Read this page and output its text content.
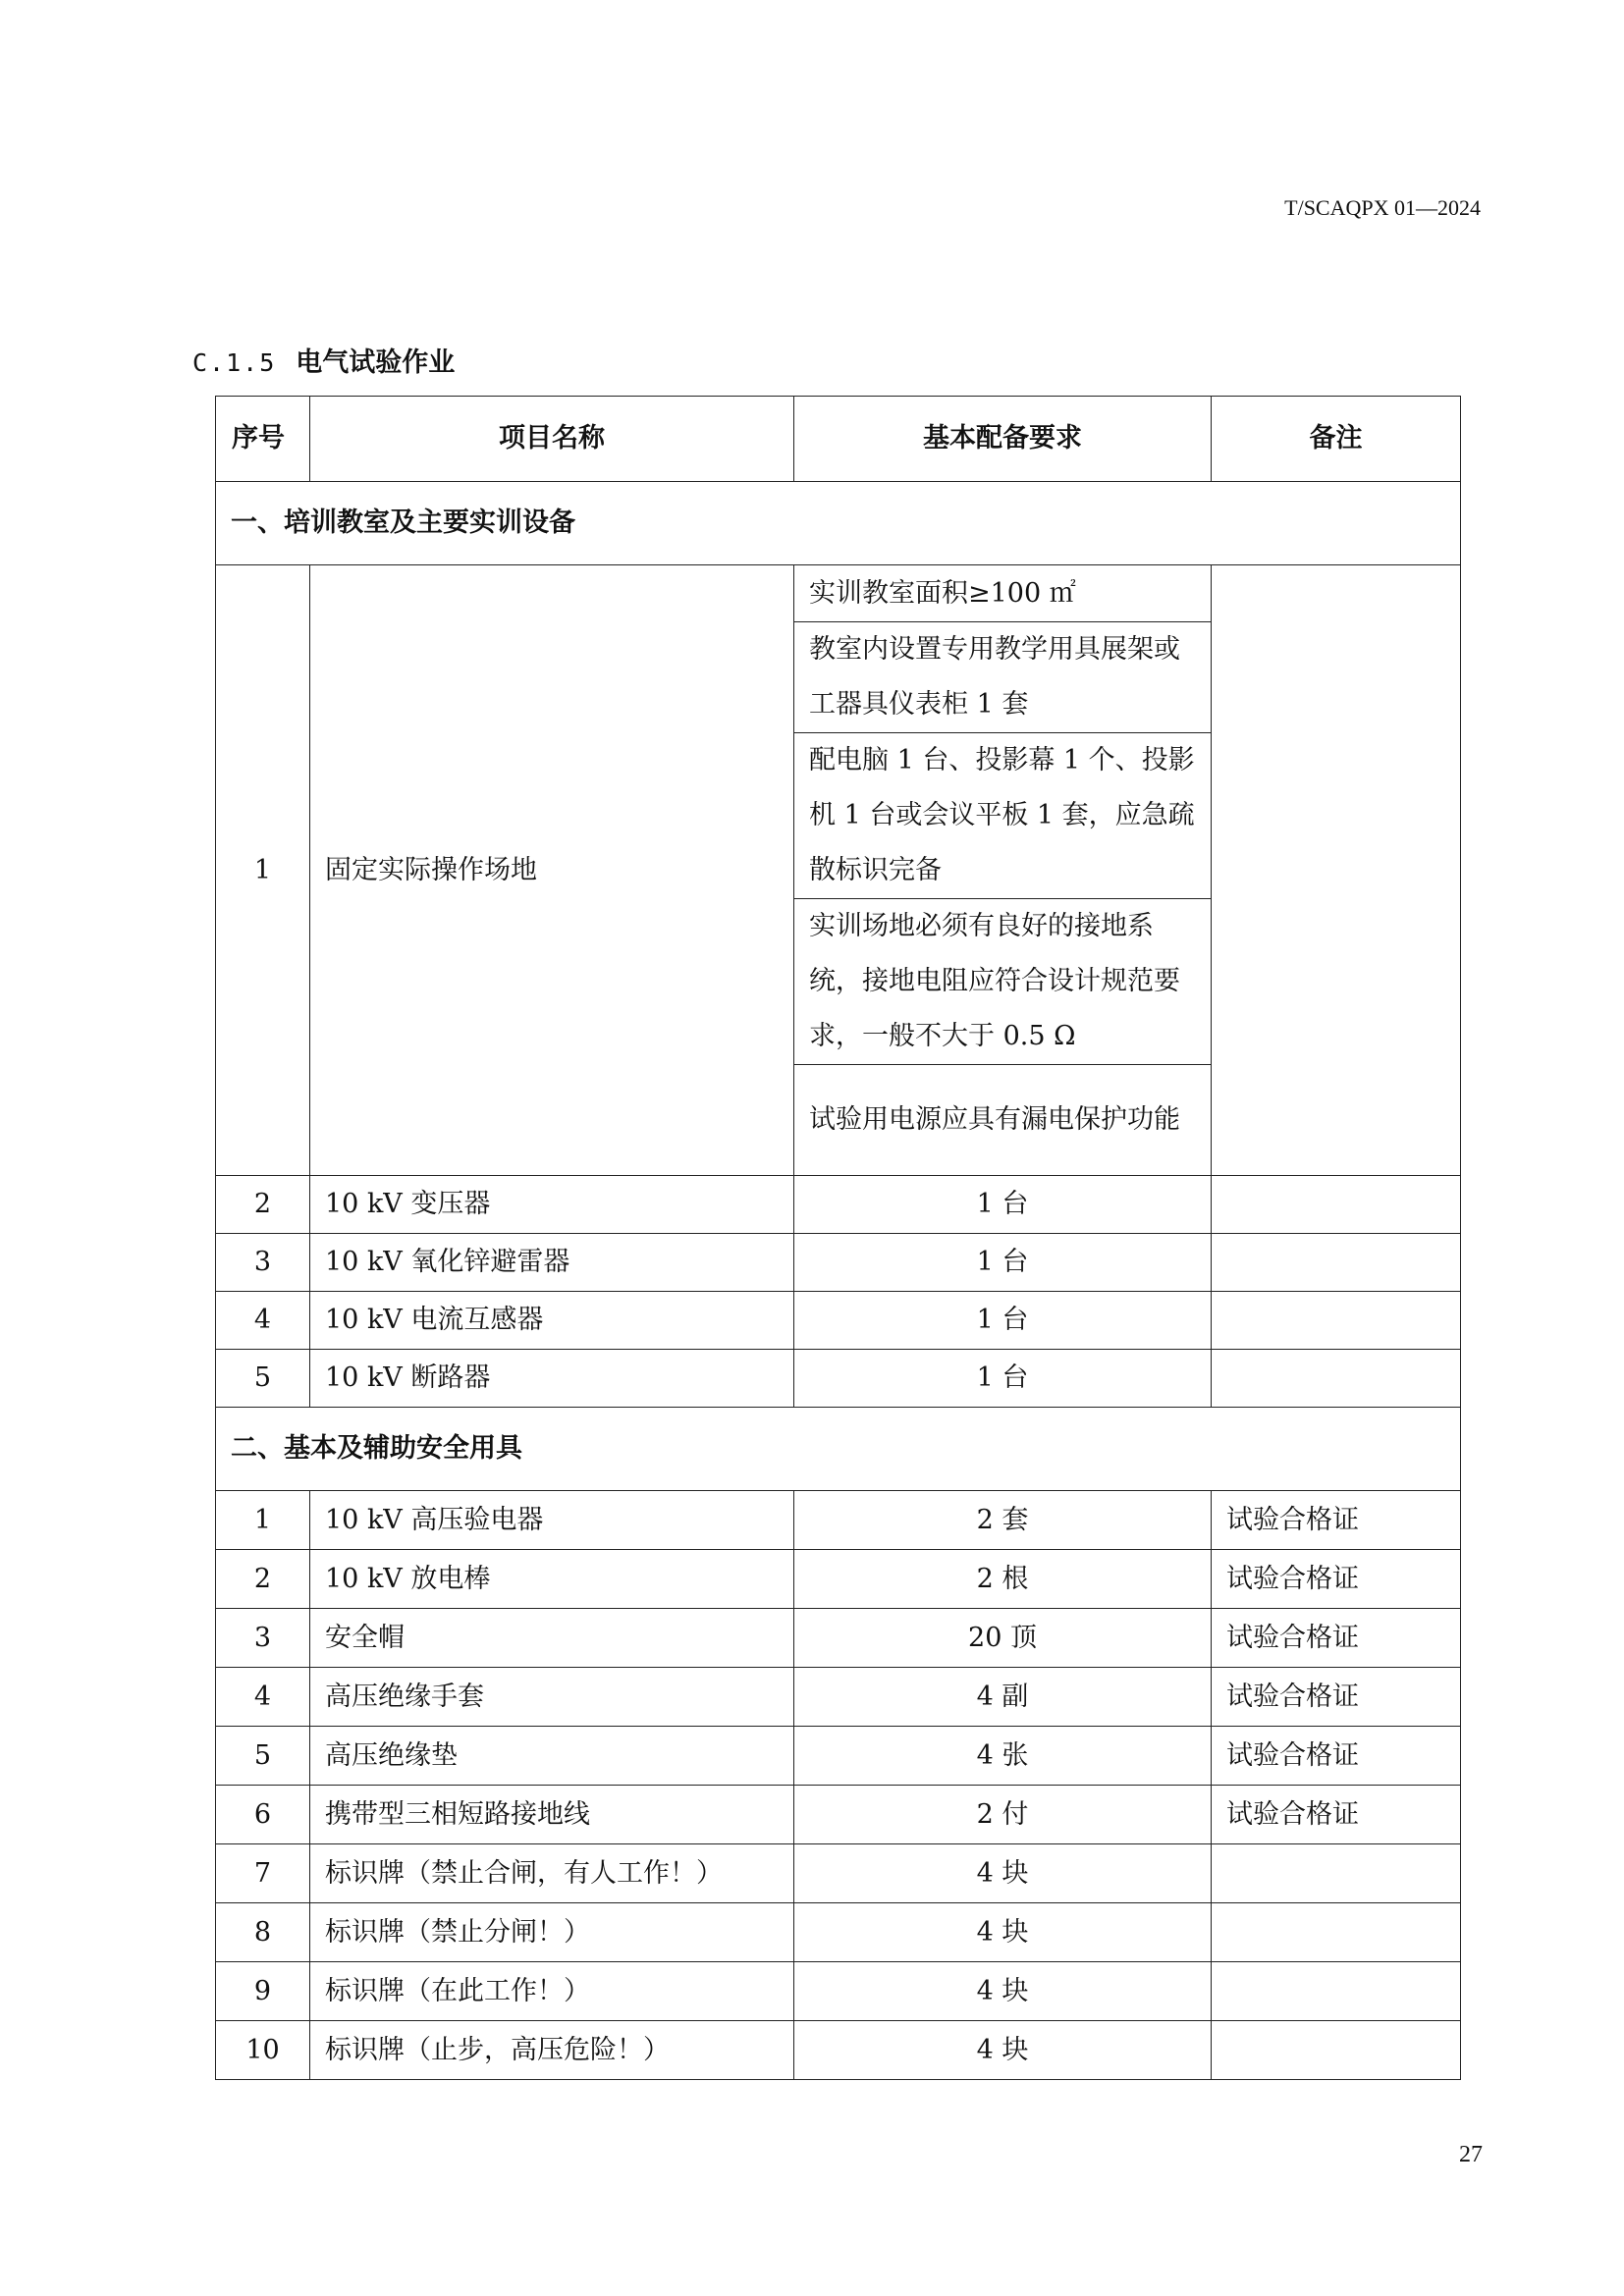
T/SCAQPX 01—2024
C.1.5 电气试验作业
序号	项目名称	基本配备要求	备注
一、培训教室及主要实训设备			
1	固定实际操作场地	实训教室面积≥100 ㎡	
		教室内设置专用教学用具展架或工器具仪表柜 1 套	
		配电脑 1 台、投影幕 1 个、投影机 1 台或会议平板 1 套，应急疏散标识完备	
		实训场地必须有良好的接地系统，接地电阻应符合设计规范要求，一般不大于 0.5 Ω	
		试验用电源应具有漏电保护功能	
2	10 kV 变压器	1 台	
3	10 kV 氧化锌避雷器	1 台	
4	10 kV 电流互感器	1 台	
5	10 kV 断路器	1 台	
二、基本及辅助安全用具			
1	10 kV 高压验电器	2 套	试验合格证
2	10 kV 放电棒	2 根	试验合格证
3	安全帽	20 顶	试验合格证
4	高压绝缘手套	4 副	试验合格证
5	高压绝缘垫	4 张	试验合格证
6	携带型三相短路接地线	2 付	试验合格证
7	标识牌（禁止合闸，有人工作！）	4 块	
8	标识牌（禁止分闸！）	4 块	
9	标识牌（在此工作！）	4 块	
10	标识牌（止步，高压危险！）	4 块	
27
